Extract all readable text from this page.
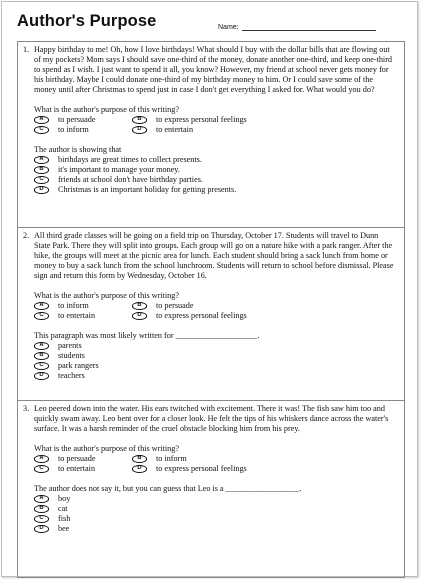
Author's Purpose	Name:
1. Happy birthday to me! Oh, how I love birthdays! What should I buy with the dollar bills that are flowing out of my pockets? Mom says I should save one-third of the money, donate another one-third, and keep one-third to spend as I wish. I just want to spend it all, you know? However, my friend at school never gets money for his birthday. Maybe I could donate one-third of my birthday money to him. Or I could save some of the money until after Christmas to spend just in case I don't get everything I asked for. What would you do?

What is the author's purpose of this writing?

A	to persuade	B	to express personal feelings
C	to inform	D	to entertain

The author is showing that

A	birthdays are great times to collect presents.
B	it's important to manage your money.
C	friends at school don't have birthday parties.
D	Christmas is an important holiday for getting presents.
2. All third grade classes will be going on a field trip on Thursday, October 17. Students will travel to Dunn State Park. There they will split into groups. Each group will go on a nature hike with a park ranger. After the hike, the groups will meet at the picnic area for lunch. Each student should bring a sack lunch from home or money to buy a sack lunch from the school lunchroom. Students will return to school before dismissal. Please sign and return this form by Wednesday, October 16.

What is the author's purpose of this writing?

A	to inform	B	to persuade
C	to entertain	D	to express personal feelings

This paragraph was most likely written for ____________________.

A	parents
B	students
C	park rangers
D	teachers
3. Leo peered down into the water. His ears twitched with excitement. There it was! The fish saw him too and quickly swam away. Leo bent over for a closer look. He felt the tips of his whiskers dance across the water's surface. It was a harsh reminder of the cruel obstacle blocking him from his prey.

What is the author's purpose of this writing?

A	to persuade	B	to inform
C	to entertain	D	to express personal feelings

The author does not say it, but you can guess that Leo is a __________________.

A	boy
B	cat
C	fish
D	bee
